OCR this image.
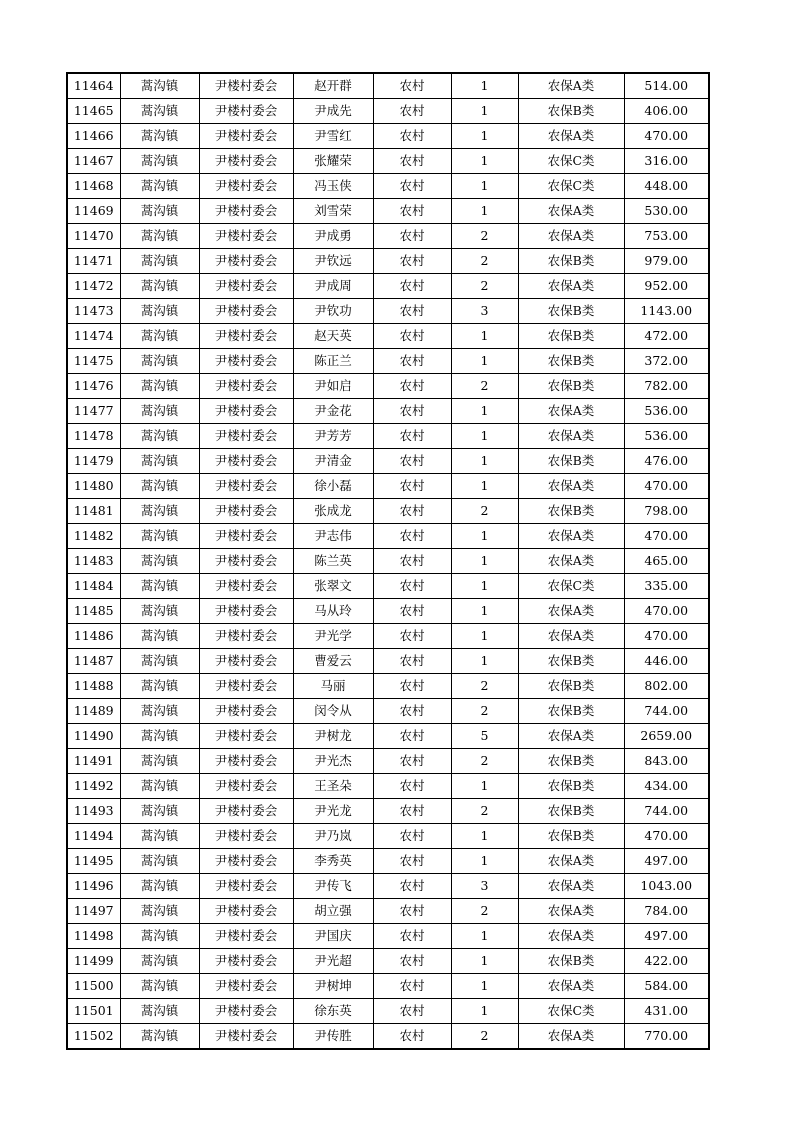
11464	蒿沟镇	尹楼村委会	赵开群	农村	1	农保A类	514.00
11465	蒿沟镇	尹楼村委会	尹成先	农村	1	农保B类	406.00
11466	蒿沟镇	尹楼村委会	尹雪红	农村	1	农保A类	470.00
11467	蒿沟镇	尹楼村委会	张耀荣	农村	1	农保C类	316.00
11468	蒿沟镇	尹楼村委会	冯玉侠	农村	1	农保C类	448.00
11469	蒿沟镇	尹楼村委会	刘雪荣	农村	1	农保A类	530.00
11470	蒿沟镇	尹楼村委会	尹成勇	农村	2	农保A类	753.00
11471	蒿沟镇	尹楼村委会	尹钦远	农村	2	农保B类	979.00
11472	蒿沟镇	尹楼村委会	尹成周	农村	2	农保A类	952.00
11473	蒿沟镇	尹楼村委会	尹钦功	农村	3	农保B类	1143.00
11474	蒿沟镇	尹楼村委会	赵天英	农村	1	农保B类	472.00
11475	蒿沟镇	尹楼村委会	陈正兰	农村	1	农保B类	372.00
11476	蒿沟镇	尹楼村委会	尹如启	农村	2	农保B类	782.00
11477	蒿沟镇	尹楼村委会	尹金花	农村	1	农保A类	536.00
11478	蒿沟镇	尹楼村委会	尹芳芳	农村	1	农保A类	536.00
11479	蒿沟镇	尹楼村委会	尹清金	农村	1	农保B类	476.00
11480	蒿沟镇	尹楼村委会	徐小磊	农村	1	农保A类	470.00
11481	蒿沟镇	尹楼村委会	张成龙	农村	2	农保B类	798.00
11482	蒿沟镇	尹楼村委会	尹志伟	农村	1	农保A类	470.00
11483	蒿沟镇	尹楼村委会	陈兰英	农村	1	农保A类	465.00
11484	蒿沟镇	尹楼村委会	张翠文	农村	1	农保C类	335.00
11485	蒿沟镇	尹楼村委会	马从玲	农村	1	农保A类	470.00
11486	蒿沟镇	尹楼村委会	尹光学	农村	1	农保A类	470.00
11487	蒿沟镇	尹楼村委会	曹爱云	农村	1	农保B类	446.00
11488	蒿沟镇	尹楼村委会	马丽	农村	2	农保B类	802.00
11489	蒿沟镇	尹楼村委会	闵令从	农村	2	农保B类	744.00
11490	蒿沟镇	尹楼村委会	尹树龙	农村	5	农保A类	2659.00
11491	蒿沟镇	尹楼村委会	尹光杰	农村	2	农保B类	843.00
11492	蒿沟镇	尹楼村委会	王圣朵	农村	1	农保B类	434.00
11493	蒿沟镇	尹楼村委会	尹光龙	农村	2	农保B类	744.00
11494	蒿沟镇	尹楼村委会	尹乃岚	农村	1	农保B类	470.00
11495	蒿沟镇	尹楼村委会	李秀英	农村	1	农保A类	497.00
11496	蒿沟镇	尹楼村委会	尹传飞	农村	3	农保A类	1043.00
11497	蒿沟镇	尹楼村委会	胡立强	农村	2	农保A类	784.00
11498	蒿沟镇	尹楼村委会	尹国庆	农村	1	农保A类	497.00
11499	蒿沟镇	尹楼村委会	尹光超	农村	1	农保B类	422.00
11500	蒿沟镇	尹楼村委会	尹树坤	农村	1	农保A类	584.00
11501	蒿沟镇	尹楼村委会	徐东英	农村	1	农保C类	431.00
11502	蒿沟镇	尹楼村委会	尹传胜	农村	2	农保A类	770.00
